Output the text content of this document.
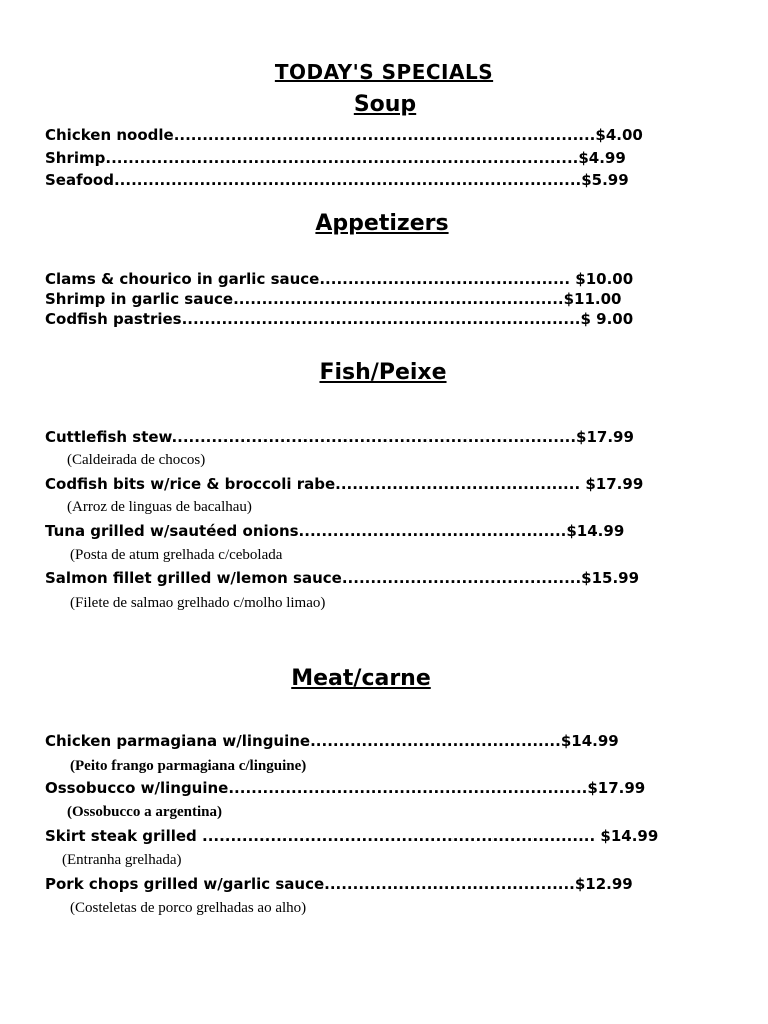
TODAY'S SPECIALS
Soup
Chicken noodle..........................................................................$4.00
Shrimp...................................................................................$4.99
Seafood..................................................................................$5.99
Appetizers
Clams & chourico in garlic sauce............................................ $10.00
Shrimp in garlic sauce..........................................................$11.00
Codfish pastries......................................................................$ 9.00
Fish/Peixe
Cuttlefish stew.......................................................................$17.99
(Caldeirada de chocos)
Codfish bits w/rice & broccoli rabe........................................... $17.99
(Arroz de linguas de bacalhau)
Tuna grilled w/sautéed onions...............................................$14.99
(Posta de atum grelhada c/cebolada
Salmon fillet grilled w/lemon sauce..........................................$15.99
(Filete de salmao grelhado c/molho limao)
Meat/carne
Chicken parmagiana w/linguine............................................$14.99
(Peito frango parmagiana c/linguine)
Ossobucco w/linguine...............................................................$17.99
(Ossobucco a argentina)
Skirt steak grilled ..................................................................... $14.99
(Entranha grelhada)
Pork chops grilled w/garlic sauce............................................$12.99
(Costeletas de porco grelhadas ao alho)
